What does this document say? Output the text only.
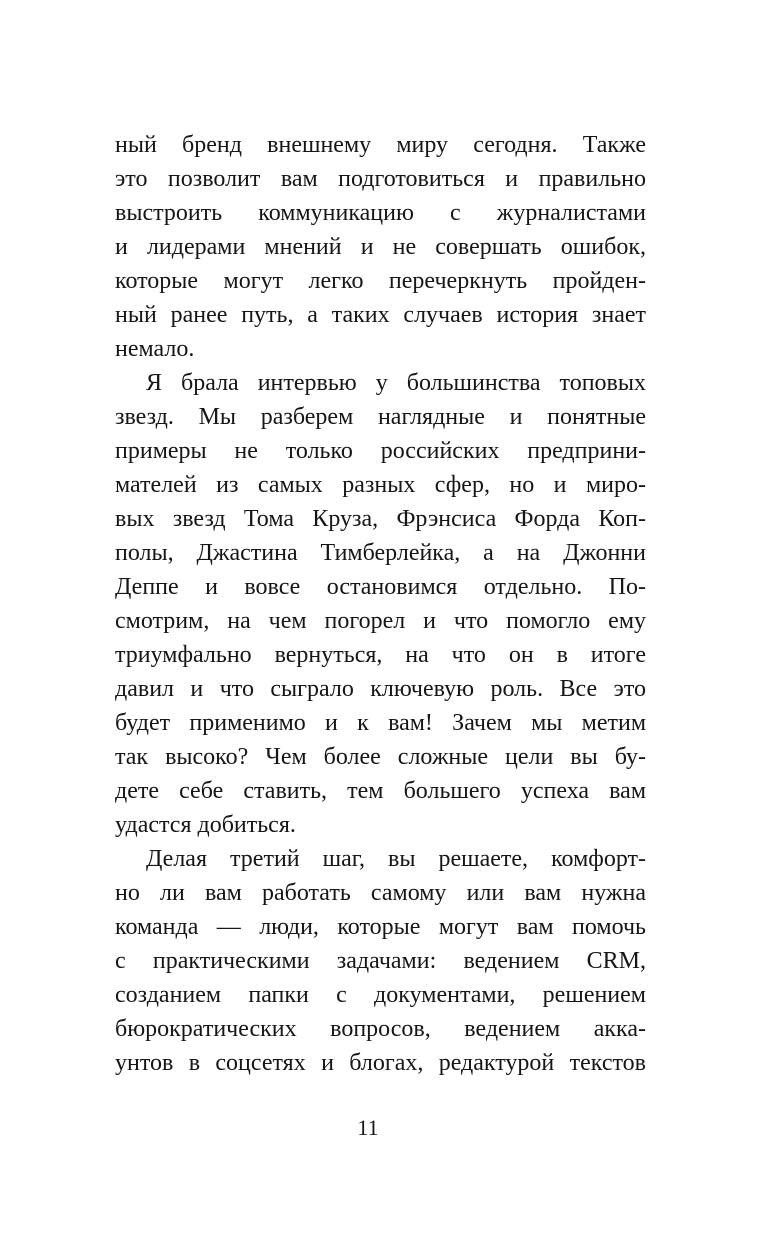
ный бренд внешнему миру сегодня. Также
это позволит вам подготовиться и правильно
выстроить коммуникацию с журналистами
и лидерами мнений и не совершать ошибок,
которые могут легко перечеркнуть пройден-
ный ранее путь, а таких случаев история знает
немало.
Я брала интервью у большинства топовых
звезд. Мы разберем наглядные и понятные
примеры не только российских предприни-
мателей из самых разных сфер, но и миро-
вых звезд Тома Круза, Фрэнсиса Форда Коп-
полы, Джастина Тимберлейка, а на Джонни
Деппе и вовсе остановимся отдельно. По-
смотрим, на чем погорел и что помогло ему
триумфально вернуться, на что он в итоге
давил и что сыграло ключевую роль. Все это
будет применимо и к вам! Зачем мы метим
так высоко? Чем более сложные цели вы бу-
дете себе ставить, тем большего успеха вам
удастся добиться.
Делая третий шаг, вы решаете, комфорт-
но ли вам работать самому или вам нужна
команда — люди, которые могут вам помочь
с практическими задачами: ведением CRM,
созданием папки с документами, решением
бюрократических вопросов, ведением акка-
унтов в соцсетях и блогах, редактурой текстов
11
